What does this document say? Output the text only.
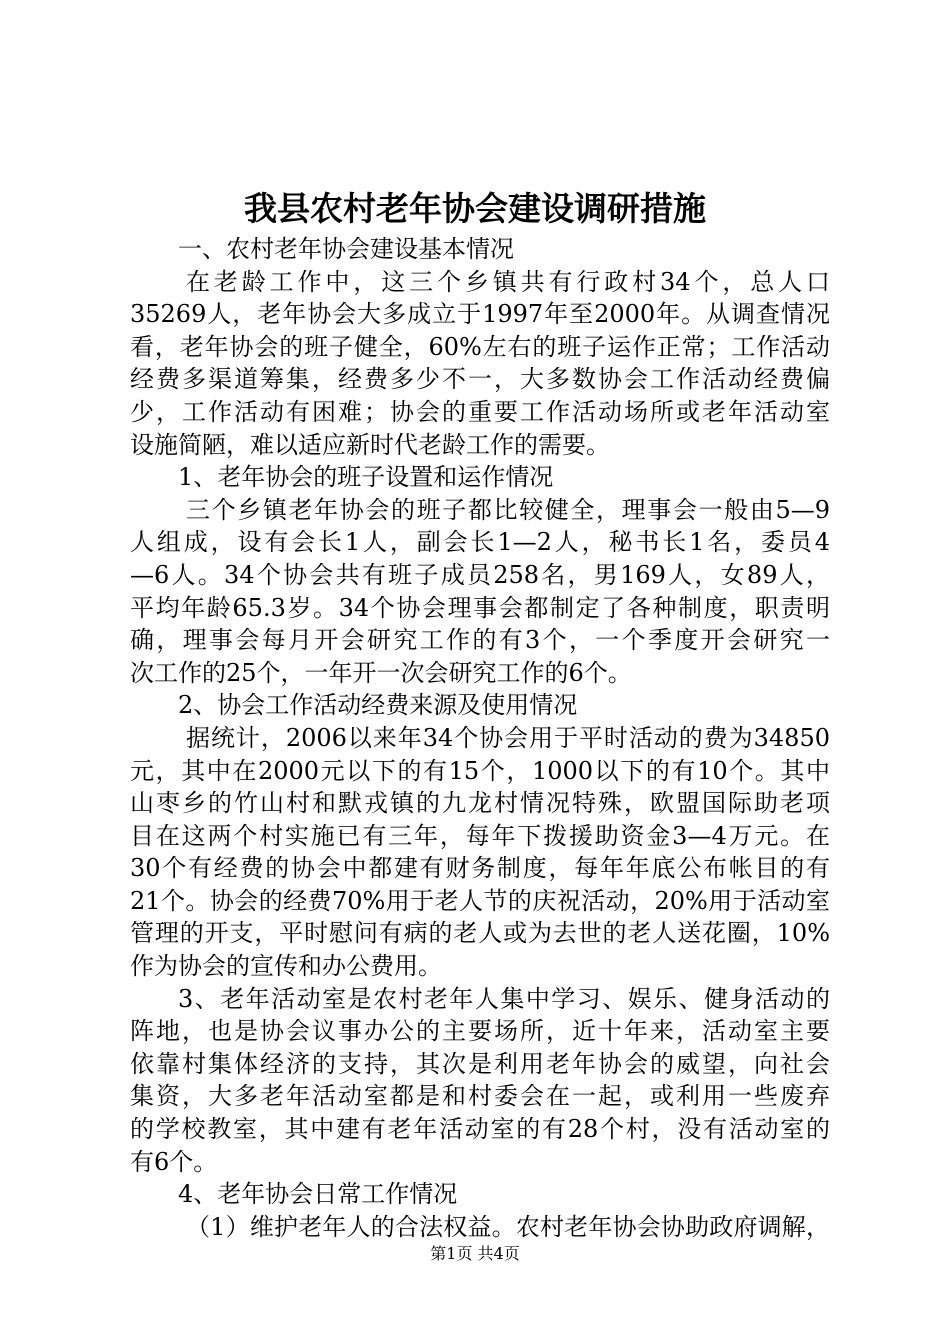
我县农村老年协会建设调研措施
一、农村老年协会建设基本情况
在老龄工作中，这三个乡镇共有行政村34个，总人口
35269人，老年协会大多成立于1997年至2000年。从调查情况
看，老年协会的班子健全，60%左右的班子运作正常；工作活动
经费多渠道筹集，经费多少不一，大多数协会工作活动经费偏
少，工作活动有困难；协会的重要工作活动场所或老年活动室
设施简陋，难以适应新时代老龄工作的需要。
1、老年协会的班子设置和运作情况
三个乡镇老年协会的班子都比较健全，理事会一般由5—9
人组成，设有会长1人，副会长1—2人，秘书长1名，委员4
—6人。34个协会共有班子成员258名，男169人，女89人，
平均年龄65.3岁。34个协会理事会都制定了各种制度，职责明
确，理事会每月开会研究工作的有3个，一个季度开会研究一
次工作的25个，一年开一次会研究工作的6个。
2、协会工作活动经费来源及使用情况
据统计，2006以来年34个协会用于平时活动的费为34850
元，其中在2000元以下的有15个，1000以下的有10个。其中
山枣乡的竹山村和默戎镇的九龙村情况特殊，欧盟国际助老项
目在这两个村实施已有三年，每年下拨援助资金3—4万元。在
30个有经费的协会中都建有财务制度，每年年底公布帐目的有
21个。协会的经费70%用于老人节的庆祝活动，20%用于活动室
管理的开支，平时慰问有病的老人或为去世的老人送花圈，10%
作为协会的宣传和办公费用。
3、老年活动室是农村老年人集中学习、娱乐、健身活动的
阵地，也是协会议事办公的主要场所，近十年来，活动室主要
依靠村集体经济的支持，其次是利用老年协会的威望，向社会
集资，大多老年活动室都是和村委会在一起，或利用一些废弃
的学校教室，其中建有老年活动室的有28个村，没有活动室的
有6个。
4、老年协会日常工作情况
（1）维护老年人的合法权益。农村老年协会协助政府调解，
第1页 共4页
